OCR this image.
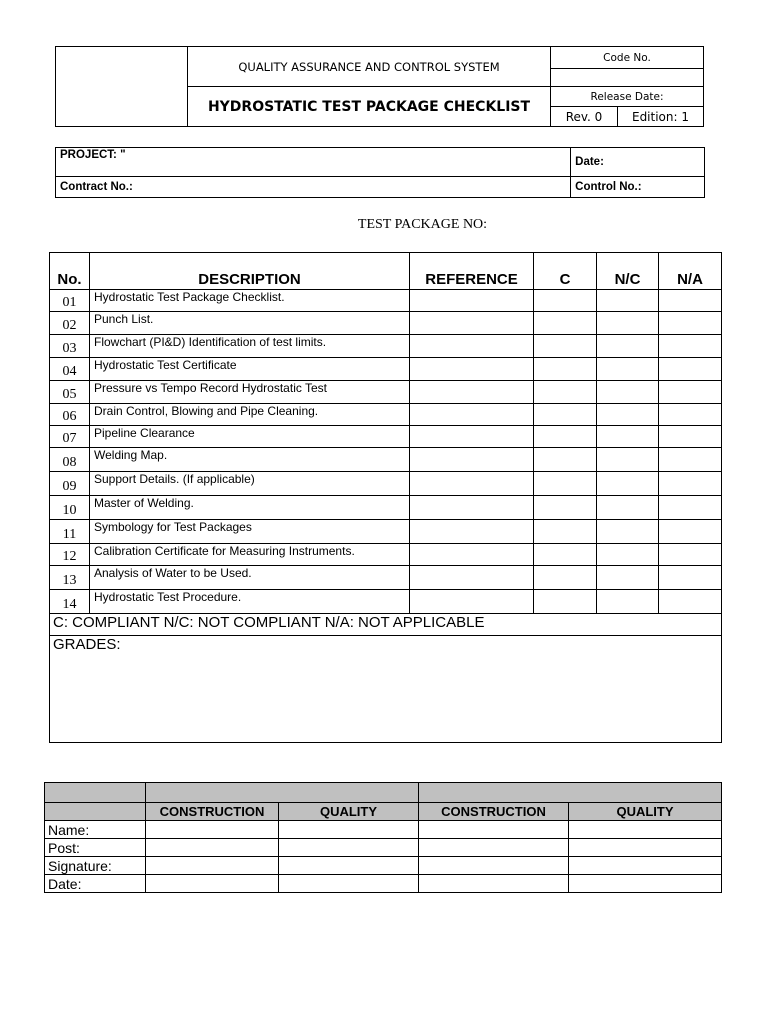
	QUALITY ASSURANCE AND CONTROL SYSTEM	Code No.	

	HYDROSTATIC TEST PACKAGE CHECKLIST	Release Date:	
		Rev. 0	Edition: 1
PROJECT: "	Date:
Contract No.:	Control No.:
TEST PACKAGE NO:
No.	DESCRIPTION	REFERENCE	C	N/C	N/A
01	Hydrostatic Test Package Checklist.				
02	Punch List.				
03	Flowchart (PI&D) Identification of test limits.				
04	Hydrostatic Test Certificate				
05	Pressure vs Tempo Record Hydrostatic Test				
06	Drain Control, Blowing and Pipe Cleaning.				
07	Pipeline Clearance				
08	Welding Map.				
09	Support Details. (If applicable)				
10	Master of Welding.				
11	Symbology for Test Packages				
12	Calibration Certificate for Measuring Instruments.				
13	Analysis of Water to be Used.				
14	Hydrostatic Test Procedure.				
C: COMPLIANT N/C: NOT COMPLIANT N/A: NOT APPLICABLE					
GRADES:					

	CONSTRUCTION	QUALITY	CONSTRUCTION	QUALITY
Name:				
Post:				
Signature:				
Date:				
